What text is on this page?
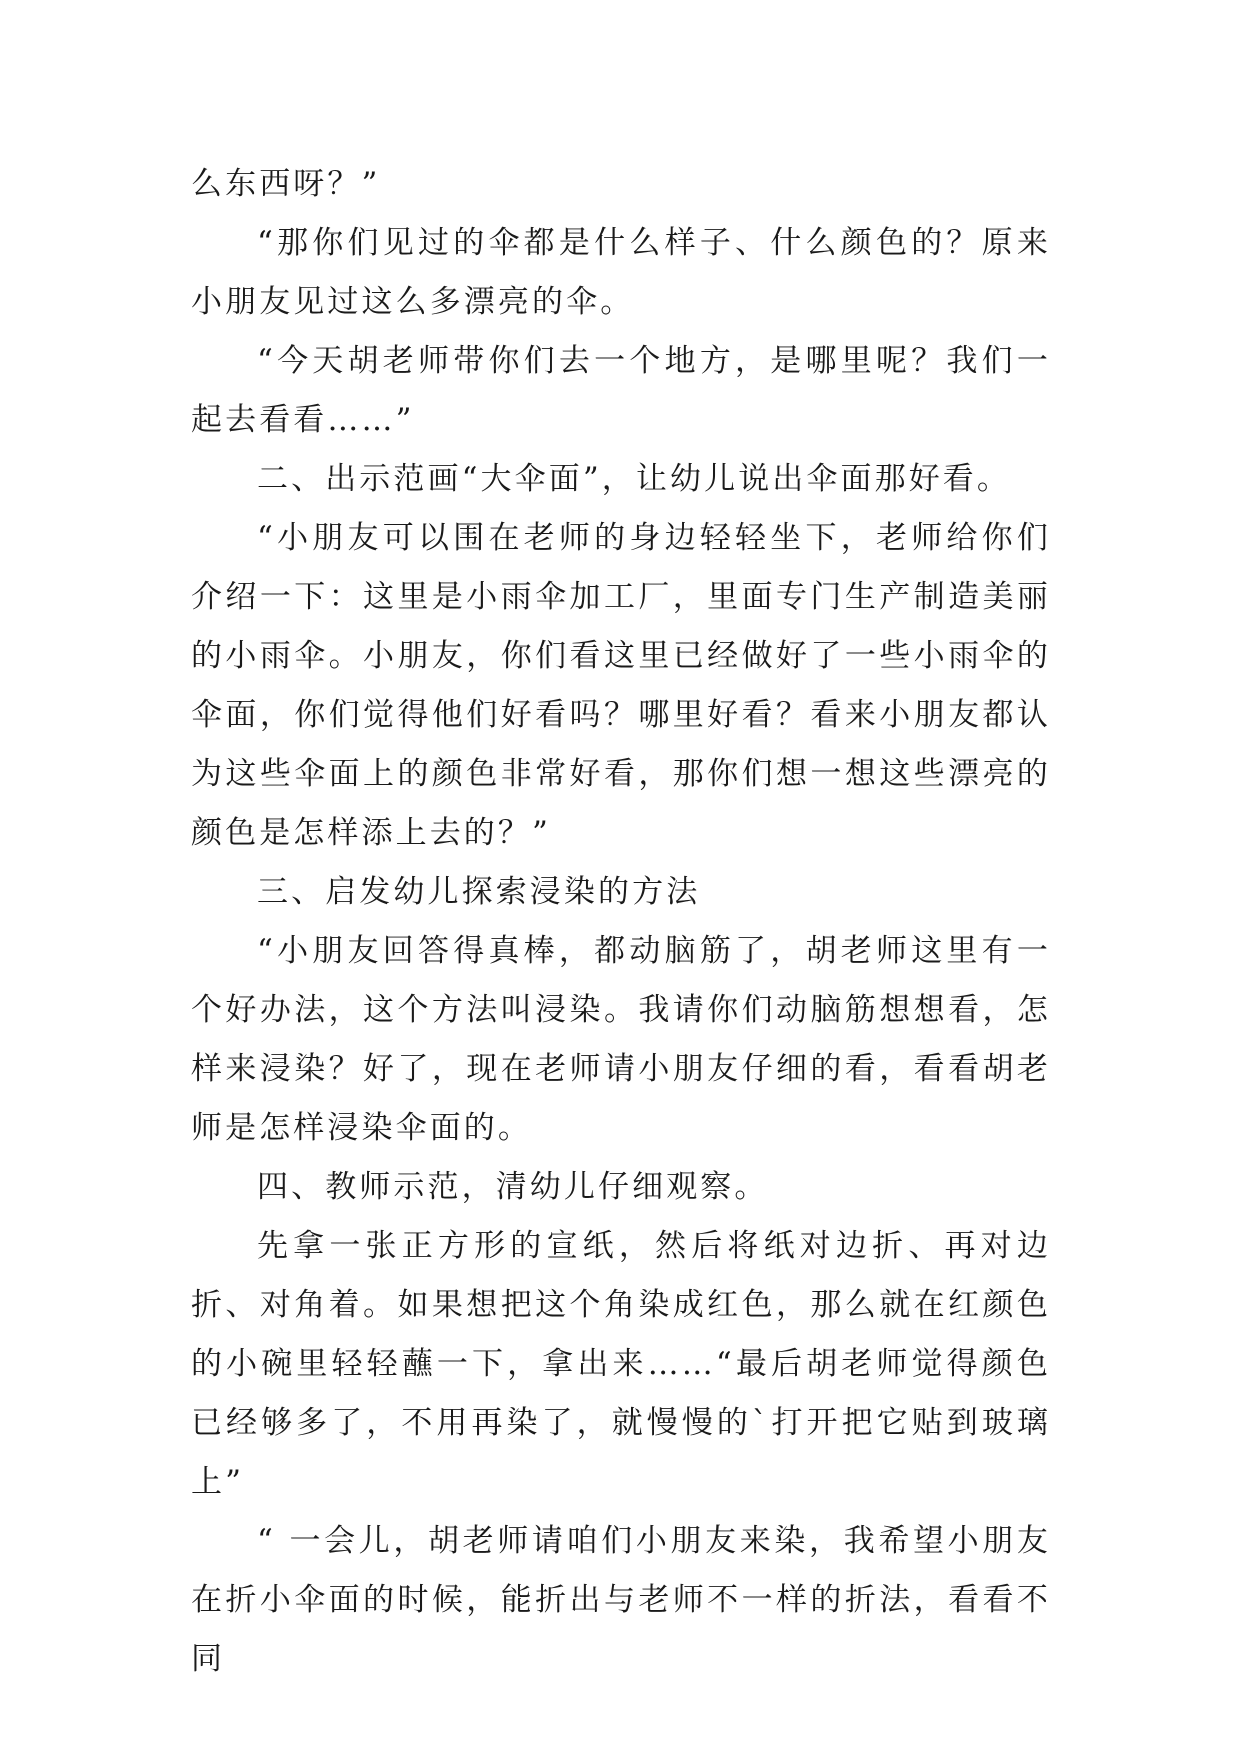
么东西呀？”

“那你们见过的伞都是什么样子、什么颜色的？原来小朋友见过这么多漂亮的伞。

“今天胡老师带你们去一个地方，是哪里呢？我们一起去看看……”

二、出示范画“大伞面”，让幼儿说出伞面那好看。

“小朋友可以围在老师的身边轻轻坐下，老师给你们介绍一下：这里是小雨伞加工厂，里面专门生产制造美丽的小雨伞。小朋友，你们看这里已经做好了一些小雨伞的伞面，你们觉得他们好看吗？哪里好看？看来小朋友都认为这些伞面上的颜色非常好看，那你们想一想这些漂亮的颜色是怎样添上去的？”

三、启发幼儿探索浸染的方法

“小朋友回答得真棒，都动脑筋了，胡老师这里有一个好办法，这个方法叫浸染。我请你们动脑筋想想看，怎样来浸染？好了，现在老师请小朋友仔细的看，看看胡老师是怎样浸染伞面的。

四、教师示范，清幼儿仔细观察。

先拿一张正方形的宣纸，然后将纸对边折、再对边折、对角着。如果想把这个角染成红色，那么就在红颜色的小碗里轻轻蘸一下，拿出来……“最后胡老师觉得颜色已经够多了，不用再染了，就慢慢的`打开把它贴到玻璃上”

“ 一会儿，胡老师请咱们小朋友来染，我希望小朋友在折小伞面的时候，能折出与老师不一样的折法，看看不同
